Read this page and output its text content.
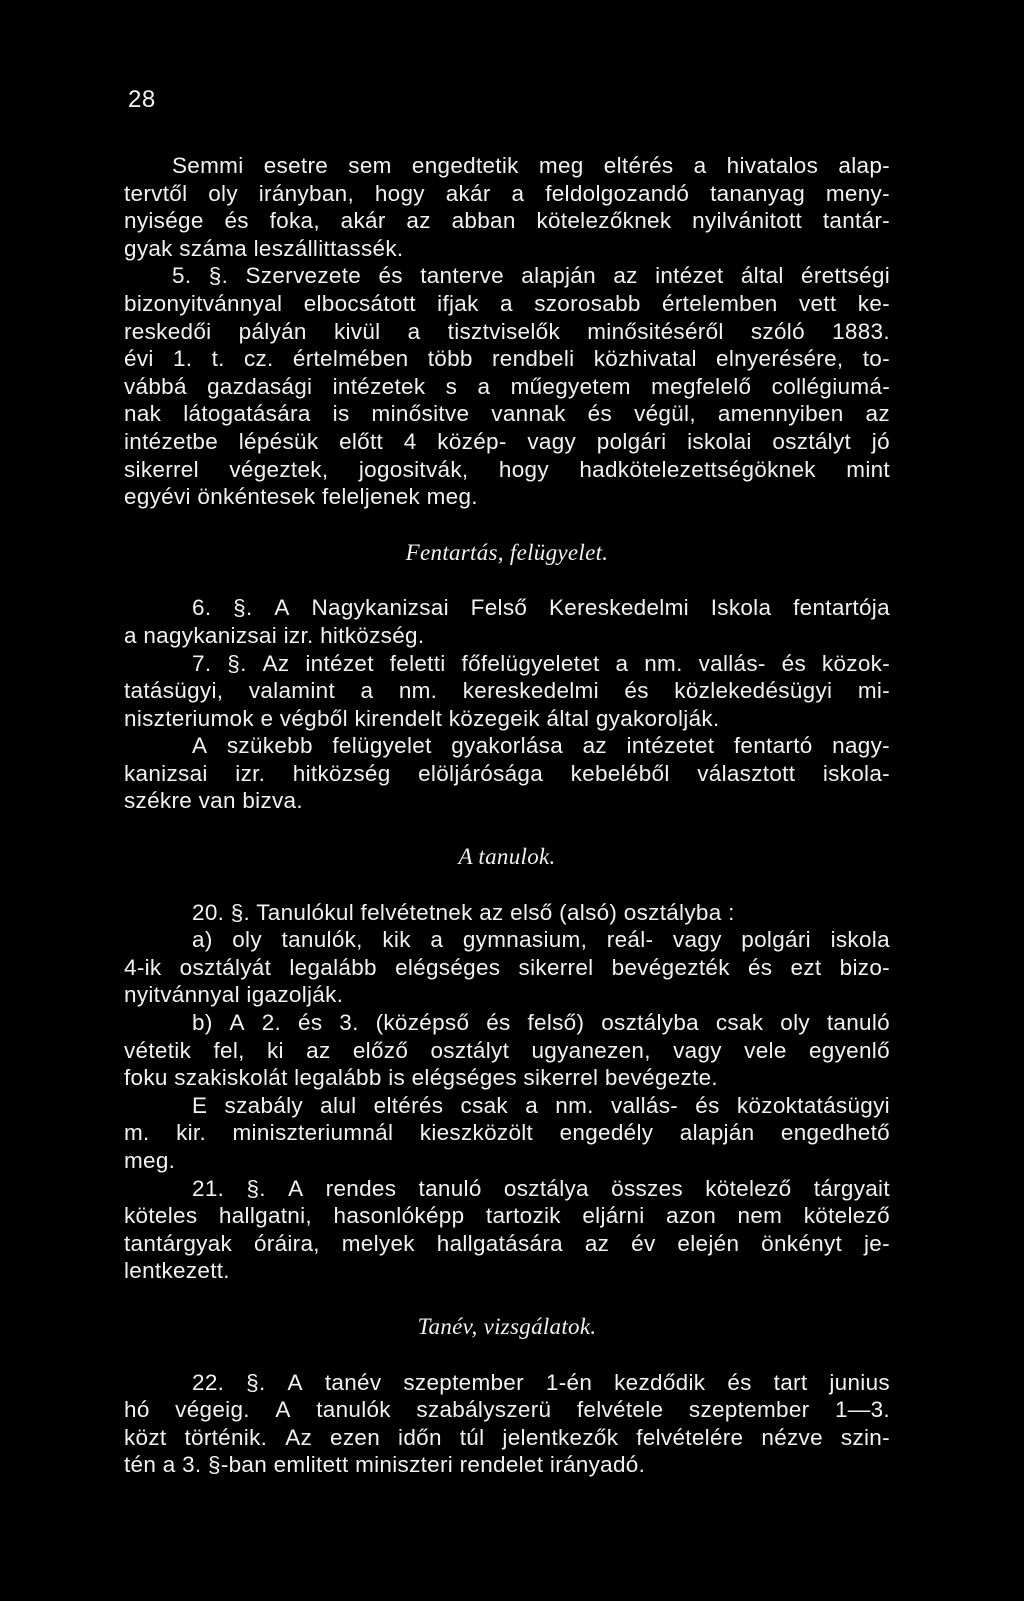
28
Semmi esetre sem engedtetik meg eltérés a hivatalos alap-
tervtől oly irányban, hogy akár a feldolgozandó tananyag meny-
nyisége és foka, akár az abban kötelezőknek nyilvánitott tantár-
gyak száma leszállittassék.
5. §. Szervezete és tanterve alapján az intézet által érettségi
bizonyitvánnyal elbocsátott ifjak a szorosabb értelemben vett ke-
reskedői pályán kivül a tisztviselők minősitéséről szóló 1883.
évi 1. t. cz. értelmében több rendbeli közhivatal elnyerésére, to-
vábbá gazdasági intézetek s a műegyetem megfelelő collégiumá-
nak látogatására is minősitve vannak és végül, amennyiben az
intézetbe lépésük előtt 4 közép- vagy polgári iskolai osztályt jó
sikerrel végeztek, jogositvák, hogy hadkötelezettségöknek mint
egyévi önkéntesek feleljenek meg.
Fentartás, felügyelet.
6. §. A Nagykanizsai Felső Kereskedelmi Iskola fentartója
a nagykanizsai izr. hitközség.
7. §. Az intézet feletti főfelügyeletet a nm. vallás- és közok-
tatásügyi, valamint a nm. kereskedelmi és közlekedésügyi mi-
niszteriumok e végből kirendelt közegeik által gyakorolják.
A szükebb felügyelet gyakorlása az intézetet fentartó nagy-
kanizsai izr. hitközség elöljárósága kebeléből választott iskola-
székre van bizva.
A tanulok.
20. §. Tanulókul felvétetnek az első (alsó) osztályba :
a) oly tanulók, kik a gymnasium, reál- vagy polgári iskola
4-ik osztályát legalább elégséges sikerrel bevégezték és ezt bizo-
nyitvánnyal igazolják.
b) A 2. és 3. (középső és felső) osztályba csak oly tanuló
vétetik fel, ki az előző osztályt ugyanezen, vagy vele egyenlő
foku szakiskolát legalább is elégséges sikerrel bevégezte.
E szabály alul eltérés csak a nm. vallás- és közoktatásügyi
m. kir. miniszteriumnál kieszközölt engedély alapján engedhető
meg.
21. §. A rendes tanuló osztálya összes kötelező tárgyait
köteles hallgatni, hasonlóképp tartozik eljárni azon nem kötelező
tantárgyak óráira, melyek hallgatására az év elején önkényt je-
lentkezett.
Tanév, vizsgálatok.
22. §. A tanév szeptember 1-én kezdődik és tart junius
hó végeig. A tanulók szabályszerü felvétele szeptember 1—3.
közt történik. Az ezen időn túl jelentkezők felvételére nézve szin-
tén a 3. §-ban emlitett miniszteri rendelet irányadó.
